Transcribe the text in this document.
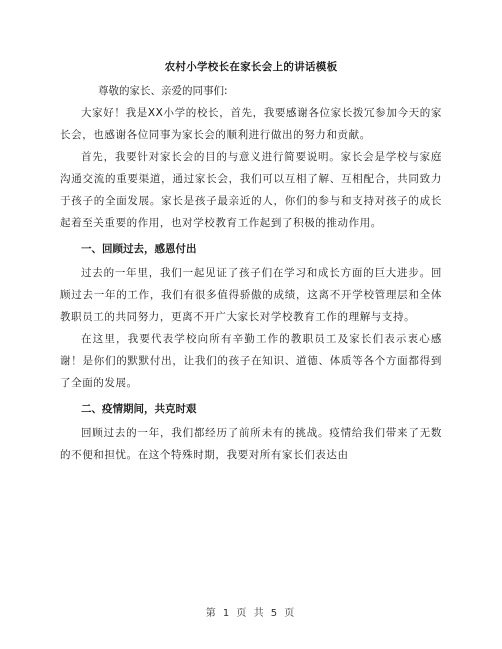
农村小学校长在家长会上的讲话模板

尊敬的家长、亲爱的同事们:

大家好！我是XX小学的校长，首先，我要感谢各位家长拨冗参加今天的家长会，也感谢各位同事为家长会的顺利进行做出的努力和贡献。

首先，我要针对家长会的目的与意义进行简要说明。家长会是学校与家庭沟通交流的重要渠道，通过家长会，我们可以互相了解、互相配合，共同致力于孩子的全面发展。家长是孩子最亲近的人，你们的参与和支持对孩子的成长起着至关重要的作用，也对学校教育工作起到了积极的推动作用。

一、回顾过去，感恩付出

过去的一年里，我们一起见证了孩子们在学习和成长方面的巨大进步。回顾过去一年的工作，我们有很多值得骄傲的成绩，这离不开学校管理层和全体教职员工的共同努力，更离不开广大家长对学校教育工作的理解与支持。

在这里，我要代表学校向所有辛勤工作的教职员工及家长们表示衷心感谢！是你们的默默付出，让我们的孩子在知识、道德、体质等各个方面都得到了全面的发展。

二、疫情期间，共克时艰

回顾过去的一年，我们都经历了前所未有的挑战。疫情给我们带来了无数的不便和担忧。在这个特殊时期，我要对所有家长们表达由

第 1 页 共 5 页
